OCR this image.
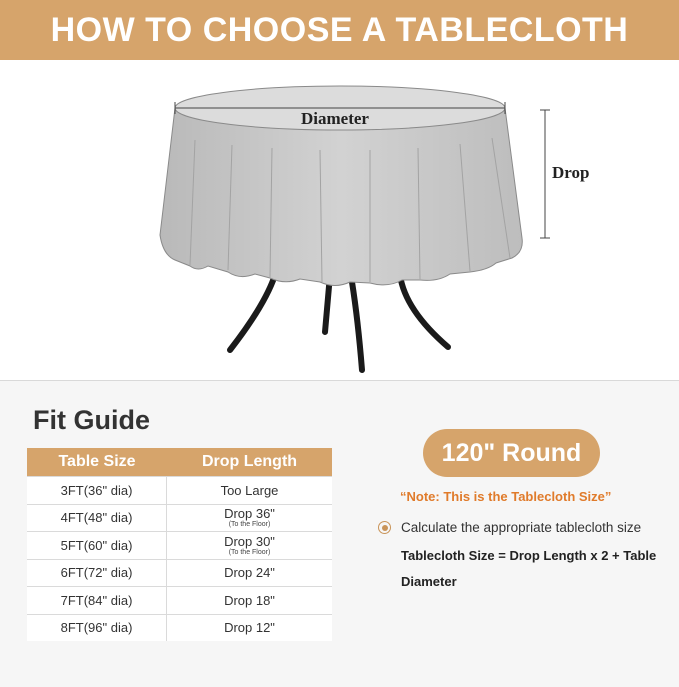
HOW TO CHOOSE A TABLECLOTH
Diameter
Drop
Fit Guide
Table Size	Drop Length
3FT(36" dia)	Too Large
4FT(48" dia)	Drop 36"
(To the Floor)
5FT(60" dia)	Drop 30"
(To the Floor)
6FT(72" dia)	Drop 24"
7FT(84" dia)	Drop 18"
8FT(96" dia)	Drop 12"
120" Round
“Note: This is the Tablecloth Size”
Calculate the appropriate tablecloth size
Tablecloth Size = Drop Length x 2 + Table Diameter
